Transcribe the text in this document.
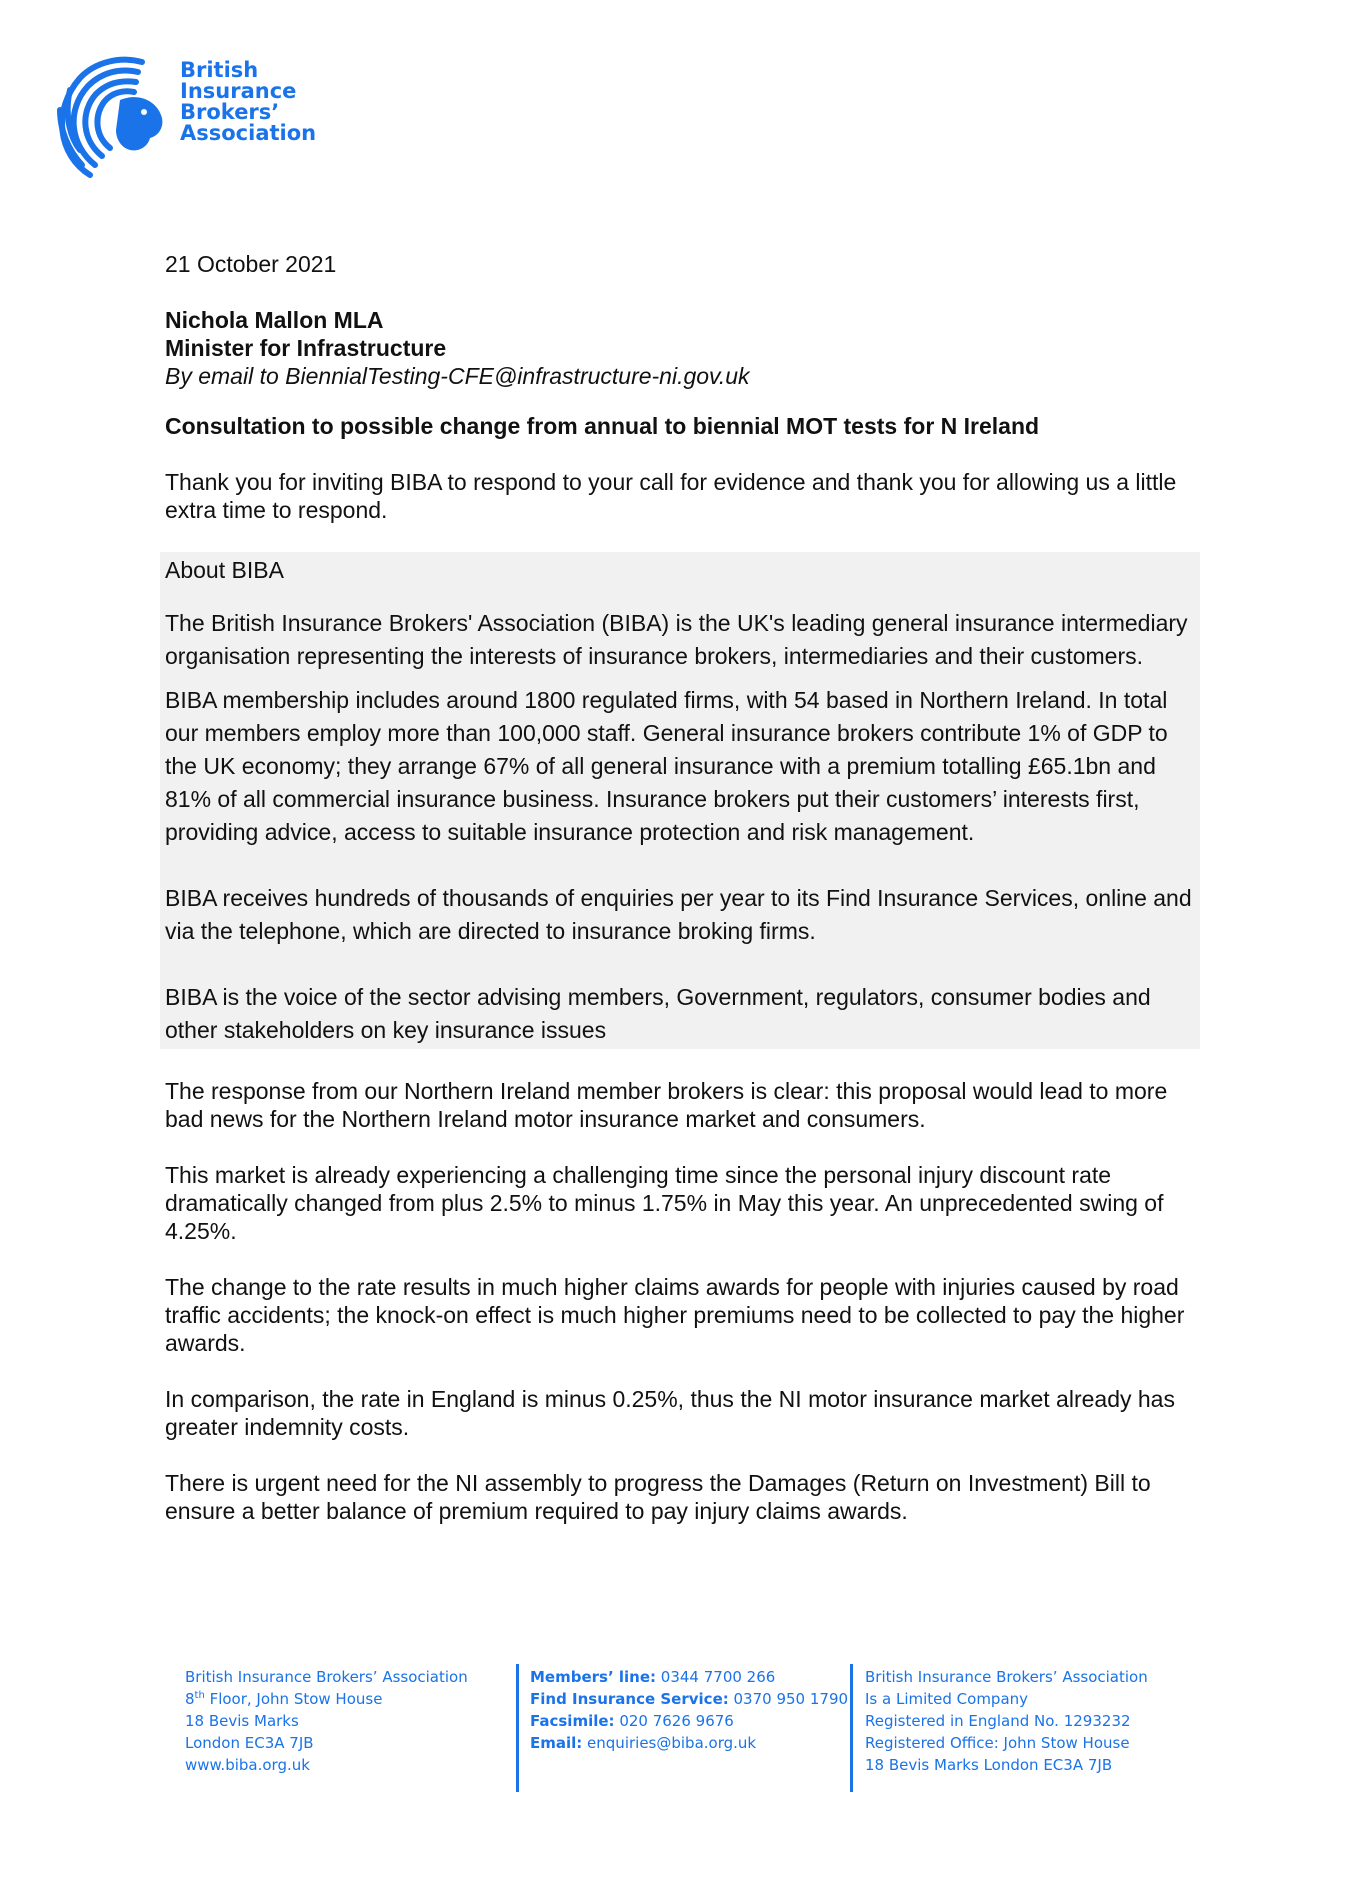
British
Insurance
Brokers’
Association
21 October 2021
Nichola Mallon MLA
Minister for Infrastructure
By email to BiennialTesting-CFE@infrastructure-ni.gov.uk
Consultation to possible change from annual to biennial MOT tests for N Ireland
Thank you for inviting BIBA to respond to your call for evidence and thank you for allowing us a little extra time to respond.
About BIBA
The British Insurance Brokers' Association (BIBA) is the UK's leading general insurance intermediary organisation representing the interests of insurance brokers, intermediaries and their customers.
BIBA membership includes around 1800 regulated firms, with 54 based in Northern Ireland. In total our members employ more than 100,000 staff. General insurance brokers contribute 1% of GDP to the UK economy; they arrange 67% of all general insurance with a premium totalling £65.1bn and 81% of all commercial insurance business. Insurance brokers put their customers’ interests first, providing advice, access to suitable insurance protection and risk management.
BIBA receives hundreds of thousands of enquiries per year to its Find Insurance Services, online and via the telephone, which are directed to insurance broking firms.
BIBA is the voice of the sector advising members, Government, regulators, consumer bodies and other stakeholders on key insurance issues
The response from our Northern Ireland member brokers is clear: this proposal would lead to more bad news for the Northern Ireland motor insurance market and consumers.
This market is already experiencing a challenging time since the personal injury discount rate dramatically changed from plus 2.5% to minus 1.75% in May this year. An unprecedented swing of 4.25%.
The change to the rate results in much higher claims awards for people with injuries caused by road traffic accidents; the knock-on effect is much higher premiums need to be collected to pay the higher awards.
In comparison, the rate in England is minus 0.25%, thus the NI motor insurance market already has greater indemnity costs.
There is urgent need for the NI assembly to progress the Damages (Return on Investment) Bill to ensure a better balance of premium required to pay injury claims awards.
British Insurance Brokers’ Association
8th Floor, John Stow House
18 Bevis Marks
London EC3A 7JB
www.biba.org.uk
Members’ line: 0344 7700 266
Find Insurance Service: 0370 950 1790
Facsimile: 020 7626 9676
Email: enquiries@biba.org.uk
British Insurance Brokers’ Association
Is a Limited Company
Registered in England No. 1293232
Registered Office: John Stow House
18 Bevis Marks London EC3A 7JB
